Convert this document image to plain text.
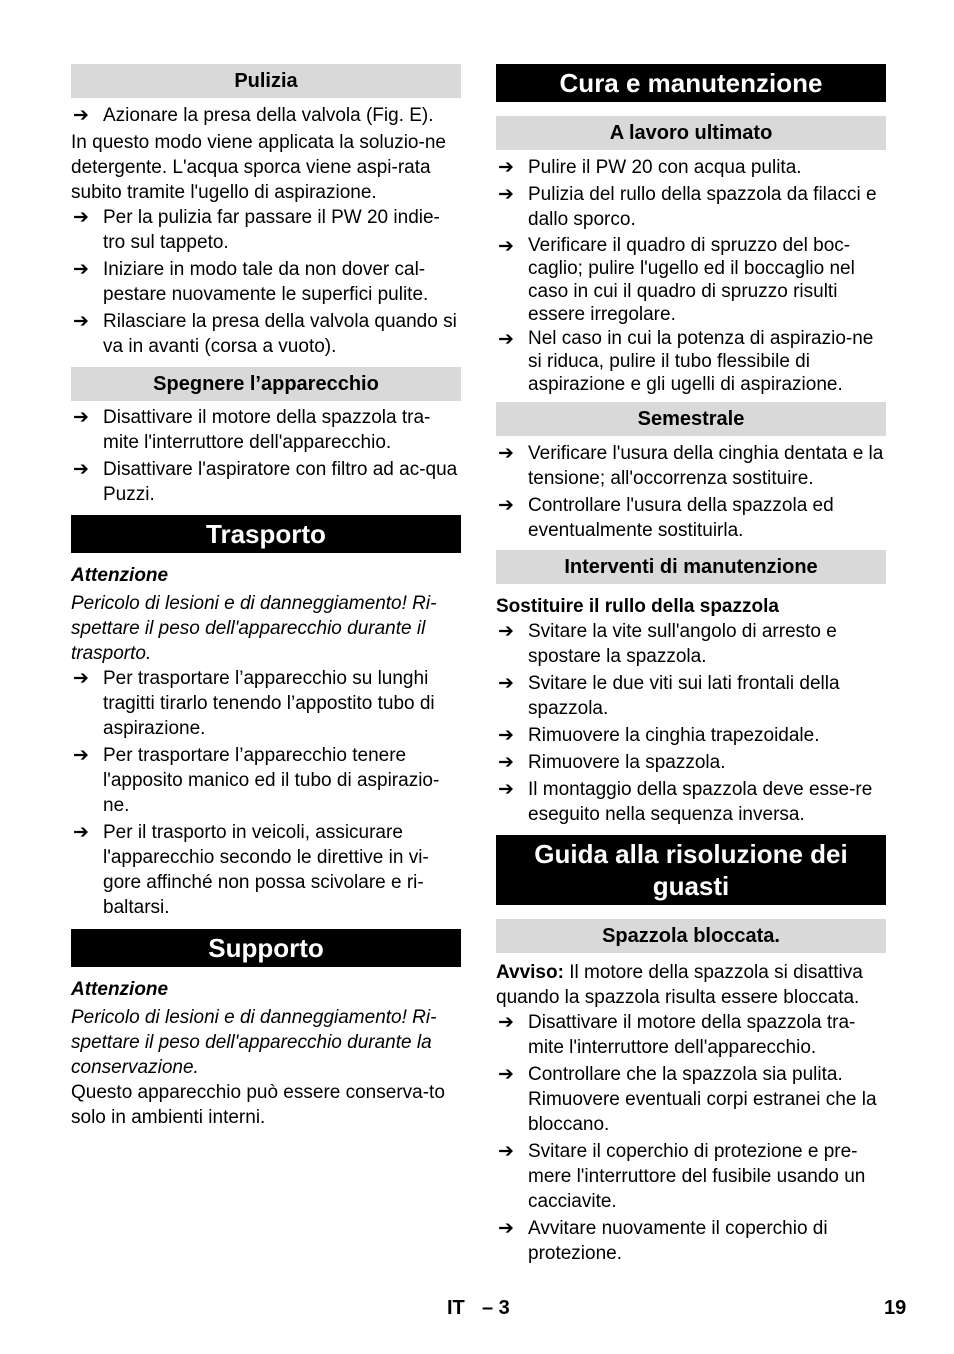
Pulizia
➔ Azionare la presa della valvola (Fig. E).
In questo modo viene applicata la soluzio-ne detergente. L'acqua sporca viene aspi-rata subito tramite l'ugello di aspirazione.
➔ Per la pulizia far passare il PW 20 indie-tro sul tappeto.
➔ Iniziare in modo tale da non dover cal-pestare nuovamente le superfici pulite.
➔ Rilasciare la presa della valvola quando si va in avanti (corsa a vuoto).
Spegnere l’apparecchio
➔ Disattivare il motore della spazzola tra-mite l'interruttore dell'apparecchio.
➔ Disattivare l'aspiratore con filtro ad ac-qua Puzzi.
Trasporto
Attenzione
Pericolo di lesioni e di danneggiamento! Ri-spettare il peso dell'apparecchio durante il trasporto.
➔ Per trasportare l’apparecchio su lunghi tragitti tirarlo tenendo l’appostito tubo di aspirazione.
➔ Per trasportare l’apparecchio tenere l'apposito manico ed il tubo di aspirazio-ne.
➔ Per il trasporto in veicoli, assicurare l'apparecchio secondo le direttive in vi-gore affinché non possa scivolare e ri-baltarsi.
Supporto
Attenzione
Pericolo di lesioni e di danneggiamento! Ri-spettare il peso dell'apparecchio durante la conservazione.
Questo apparecchio può essere conserva-to solo in ambienti interni.
Cura e manutenzione
A lavoro ultimato
➔ Pulire il PW 20 con acqua pulita.
➔ Pulizia del rullo della spazzola da filacci e dallo sporco.
➔ Verificare il quadro di spruzzo del boc-caglio; pulire l'ugello ed il boccaglio nel caso in cui il quadro di spruzzo risulti essere irregolare.
➔ Nel caso in cui la potenza di aspirazio-ne si riduca, pulire il tubo flessibile di aspirazione e gli ugelli di aspirazione.
Semestrale
➔ Verificare l'usura della cinghia dentata e la tensione; all'occorrenza sostituire.
➔ Controllare l'usura della spazzola ed eventualmente sostituirla.
Interventi di manutenzione
Sostituire il rullo della spazzola
➔ Svitare la vite sull'angolo di arresto e spostare la spazzola.
➔ Svitare le due viti sui lati frontali della spazzola.
➔ Rimuovere la cinghia trapezoidale.
➔ Rimuovere la spazzola.
➔ Il montaggio della spazzola deve esse-re eseguito nella sequenza inversa.
Guida alla risoluzione dei guasti
Spazzola bloccata.
Avviso: Il motore della spazzola si disattiva quando la spazzola risulta essere bloccata.
➔ Disattivare il motore della spazzola tra-mite l'interruttore dell'apparecchio.
➔ Controllare che la spazzola sia pulita. Rimuovere eventuali corpi estranei che la bloccano.
➔ Svitare il coperchio di protezione e pre-mere l'interruttore del fusibile usando un cacciavite.
➔ Avvitare nuovamente il coperchio di protezione.
IT – 3	19
